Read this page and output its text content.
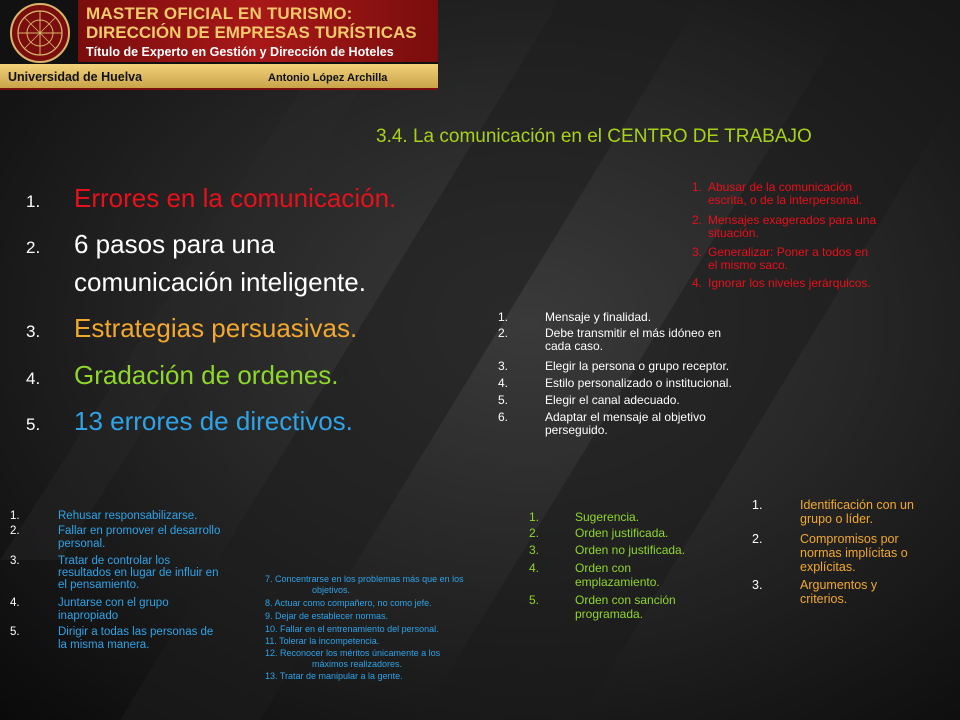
MASTER OFICIAL EN TURISMO:
DIRECCIÓN DE EMPRESAS TURÍSTICAS
Título de Experto en Gestión y Dirección de Hoteles
Universidad de Huelva	Antonio López Archilla
3.4. La comunicación en el CENTRO DE TRABAJO
1. Errores en la comunicación.
2. 6 pasos para una
comunicación inteligente.
3. Estrategias persuasivas.
4. Gradación de ordenes.
5. 13 errores de directivos.
1. Abusar de la comunicación
escrita, o de la interpersonal.
2. Mensajes exagerados para una
situación.
3. Generalizar: Poner a todos en
el mismo saco.
4. Ignorar los niveles jerárquicos.
1.	Mensaje y finalidad.
2.	Debe transmitir el más idóneo en
cada caso.
3.	Elegir la persona o grupo receptor.
4.	Estilo personalizado o institucional.
5.	Elegir el canal adecuado.
6.	Adaptar el mensaje al objetivo
perseguido.
1.	Rehusar responsabilizarse.
2.	Fallar en promover el desarrollo
personal.
3.	Tratar de controlar los
resultados en lugar de influir en
el pensamiento.
4.	Juntarse con el grupo
inapropiado
5.	Dirigir a todas las personas de
la misma manera.
7. Concentrarse en los problemas más que en los
objetivos.
8. Actuar como compañero, no como jefe.
9. Dejar de establecer normas.
10. Fallar en el entrenamiento del personal.
11. Tolerar la incompetencia.
12. Reconocer los méritos únicamente a los
máximos realizadores.
13. Tratar de manipular a la gente.
1.	Sugerencia.
2.	Orden justificada.
3.	Orden no justificada.
4.	Orden con
emplazamiento.
5.	Orden con sanción
programada.
1.	Identificación con un
grupo o líder.
2.	Compromisos por
normas implícitas o
explícitas.
3.	Argumentos y
criterios.
